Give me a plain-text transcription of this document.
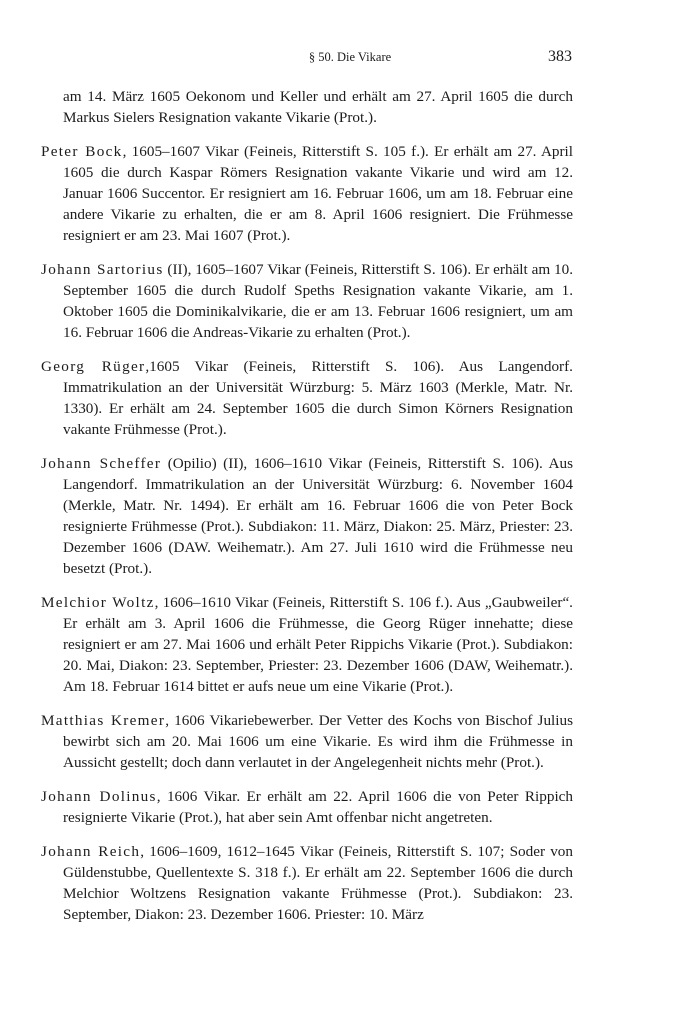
§ 50. Die Vikare	383

am 14. März 1605 Oekonom und Keller und erhält am 27. April 1605 die durch Markus Sielers Resignation vakante Vikarie (Prot.).

Peter Bock, 1605–1607 Vikar (Feineis, Ritterstift S. 105 f.). Er erhält am 27. April 1605 die durch Kaspar Römers Resignation vakante Vikarie und wird am 12. Januar 1606 Succentor. Er resigniert am 16. Februar 1606, um am 18. Februar eine andere Vikarie zu erhalten, die er am 8. April 1606 resigniert. Die Frühmesse resigniert er am 23. Mai 1607 (Prot.).

Johann Sartorius (II), 1605–1607 Vikar (Feineis, Ritterstift S. 106). Er erhält am 10. September 1605 die durch Rudolf Speths Resignation vakante Vikarie, am 1. Oktober 1605 die Dominikalvikarie, die er am 13. Februar 1606 resigniert, um am 16. Februar 1606 die Andreas-Vikarie zu erhalten (Prot.).

Georg Rüger,1605 Vikar (Feineis, Ritterstift S. 106). Aus Langendorf. Immatrikulation an der Universität Würzburg: 5. März 1603 (Merkle, Matr. Nr. 1330). Er erhält am 24. September 1605 die durch Simon Körners Resignation vakante Frühmesse (Prot.).

Johann Scheffer (Opilio) (II), 1606–1610 Vikar (Feineis, Ritterstift S. 106). Aus Langendorf. Immatrikulation an der Universität Würzburg: 6. November 1604 (Merkle, Matr. Nr. 1494). Er erhält am 16. Februar 1606 die von Peter Bock resignierte Frühmesse (Prot.). Subdiakon: 11. März, Diakon: 25. März, Priester: 23. Dezember 1606 (DAW. Weihematr.). Am 27. Juli 1610 wird die Frühmesse neu besetzt (Prot.).

Melchior Woltz, 1606–1610 Vikar (Feineis, Ritterstift S. 106 f.). Aus „Gaubweiler“. Er erhält am 3. April 1606 die Frühmesse, die Georg Rüger innehatte; diese resigniert er am 27. Mai 1606 und erhält Peter Rippichs Vikarie (Prot.). Subdiakon: 20. Mai, Diakon: 23. September, Priester: 23. Dezember 1606 (DAW, Weihematr.). Am 18. Februar 1614 bittet er aufs neue um eine Vikarie (Prot.).

Matthias Kremer, 1606 Vikariebewerber. Der Vetter des Kochs von Bischof Julius bewirbt sich am 20. Mai 1606 um eine Vikarie. Es wird ihm die Frühmesse in Aussicht gestellt; doch dann verlautet in der Angelegenheit nichts mehr (Prot.).

Johann Dolinus, 1606 Vikar. Er erhält am 22. April 1606 die von Peter Rippich resignierte Vikarie (Prot.), hat aber sein Amt offenbar nicht angetreten.

Johann Reich, 1606–1609, 1612–1645 Vikar (Feineis, Ritterstift S. 107; Soder von Güldenstubbe, Quellentexte S. 318 f.). Er erhält am 22. September 1606 die durch Melchior Woltzens Resignation vakante Frühmesse (Prot.). Subdiakon: 23. September, Diakon: 23. Dezember 1606. Priester: 10. März
